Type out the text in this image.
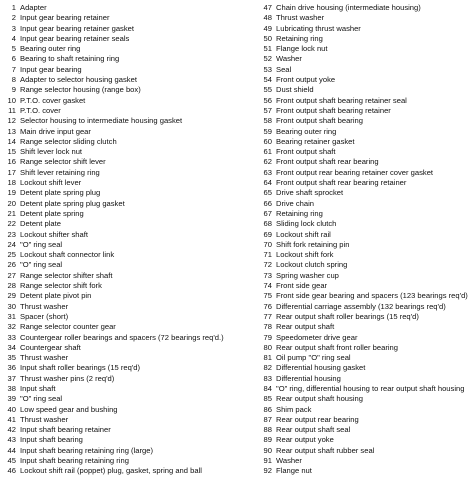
1 Adapter
2 Input gear bearing retainer
3 Input gear bearing retainer gasket
4 Input gear bearing retainer seals
5 Bearing outer ring
6 Bearing to shaft retaining ring
7 Input gear bearing
8 Adapter to selector housing gasket
9 Range selector housing (range box)
10 P.T.O. cover gasket
11 P.T.O. cover
12 Selector housing to intermediate housing gasket
13 Main drive input gear
14 Range selector sliding clutch
15 Shift lever lock nut
16 Range selector shift lever
17 Shift lever retaining ring
18 Lockout shift lever
19 Detent plate spring plug
20 Detent plate spring plug gasket
21 Detent plate spring
22 Detent plate
23 Lockout shifter shaft
24 "O" ring seal
25 Lockout shaft connector link
26 "O" ring seal
27 Range selector shifter shaft
28 Range selector shift fork
29 Detent plate pivot pin
30 Thrust washer
31 Spacer (short)
32 Range selector counter gear
33 Countergear roller bearings and spacers (72 bearings req'd.)
34 Countergear shaft
35 Thrust washer
36 Input shaft roller bearings (15 req'd)
37 Thrust washer pins (2 req'd)
38 Input shaft
39 "O" ring seal
40 Low speed gear and bushing
41 Thrust washer
42 Input shaft bearing retainer
43 Input shaft bearing
44 Input shaft bearing retaining ring (large)
45 Input shaft bearing retaining ring
46 Lockout shift rail (poppet) plug, gasket, spring and ball
47 Chain drive housing (intermediate housing)
48 Thrust washer
49 Lubricating thrust washer
50 Retaining ring
51 Flange lock nut
52 Washer
53 Seal
54 Front output yoke
55 Dust shield
56 Front output shaft bearing retainer seal
57 Front output shaft bearing retainer
58 Front output shaft bearing
59 Bearing outer ring
60 Bearing retainer gasket
61 Front output shaft
62 Front output shaft rear bearing
63 Front output rear bearing retainer cover gasket
64 Front output shaft rear bearing retainer
65 Drive shaft sprocket
66 Drive chain
67 Retaining ring
68 Sliding lock clutch
69 Lockout shift rail
70 Shift fork retaining pin
71 Lockout shift fork
72 Lockout clutch spring
73 Spring washer cup
74 Front side gear
75 Front side gear bearing and spacers (123 bearings req'd)
76 Differential carriage assembly (132 bearings req'd)
77 Rear output shaft roller bearings (15 req'd)
78 Rear output shaft
79 Speedometer drive gear
80 Rear output shaft front roller bearing
81 Oil pump "O" ring seal
82 Differential housing gasket
83 Differential housing
84 "O" ring, differential housing to rear output shaft housing
85 Rear output shaft housing
86 Shim pack
87 Rear output rear bearing
88 Rear output shaft seal
89 Rear output yoke
90 Rear output shaft rubber seal
91 Washer
92 Flange nut
